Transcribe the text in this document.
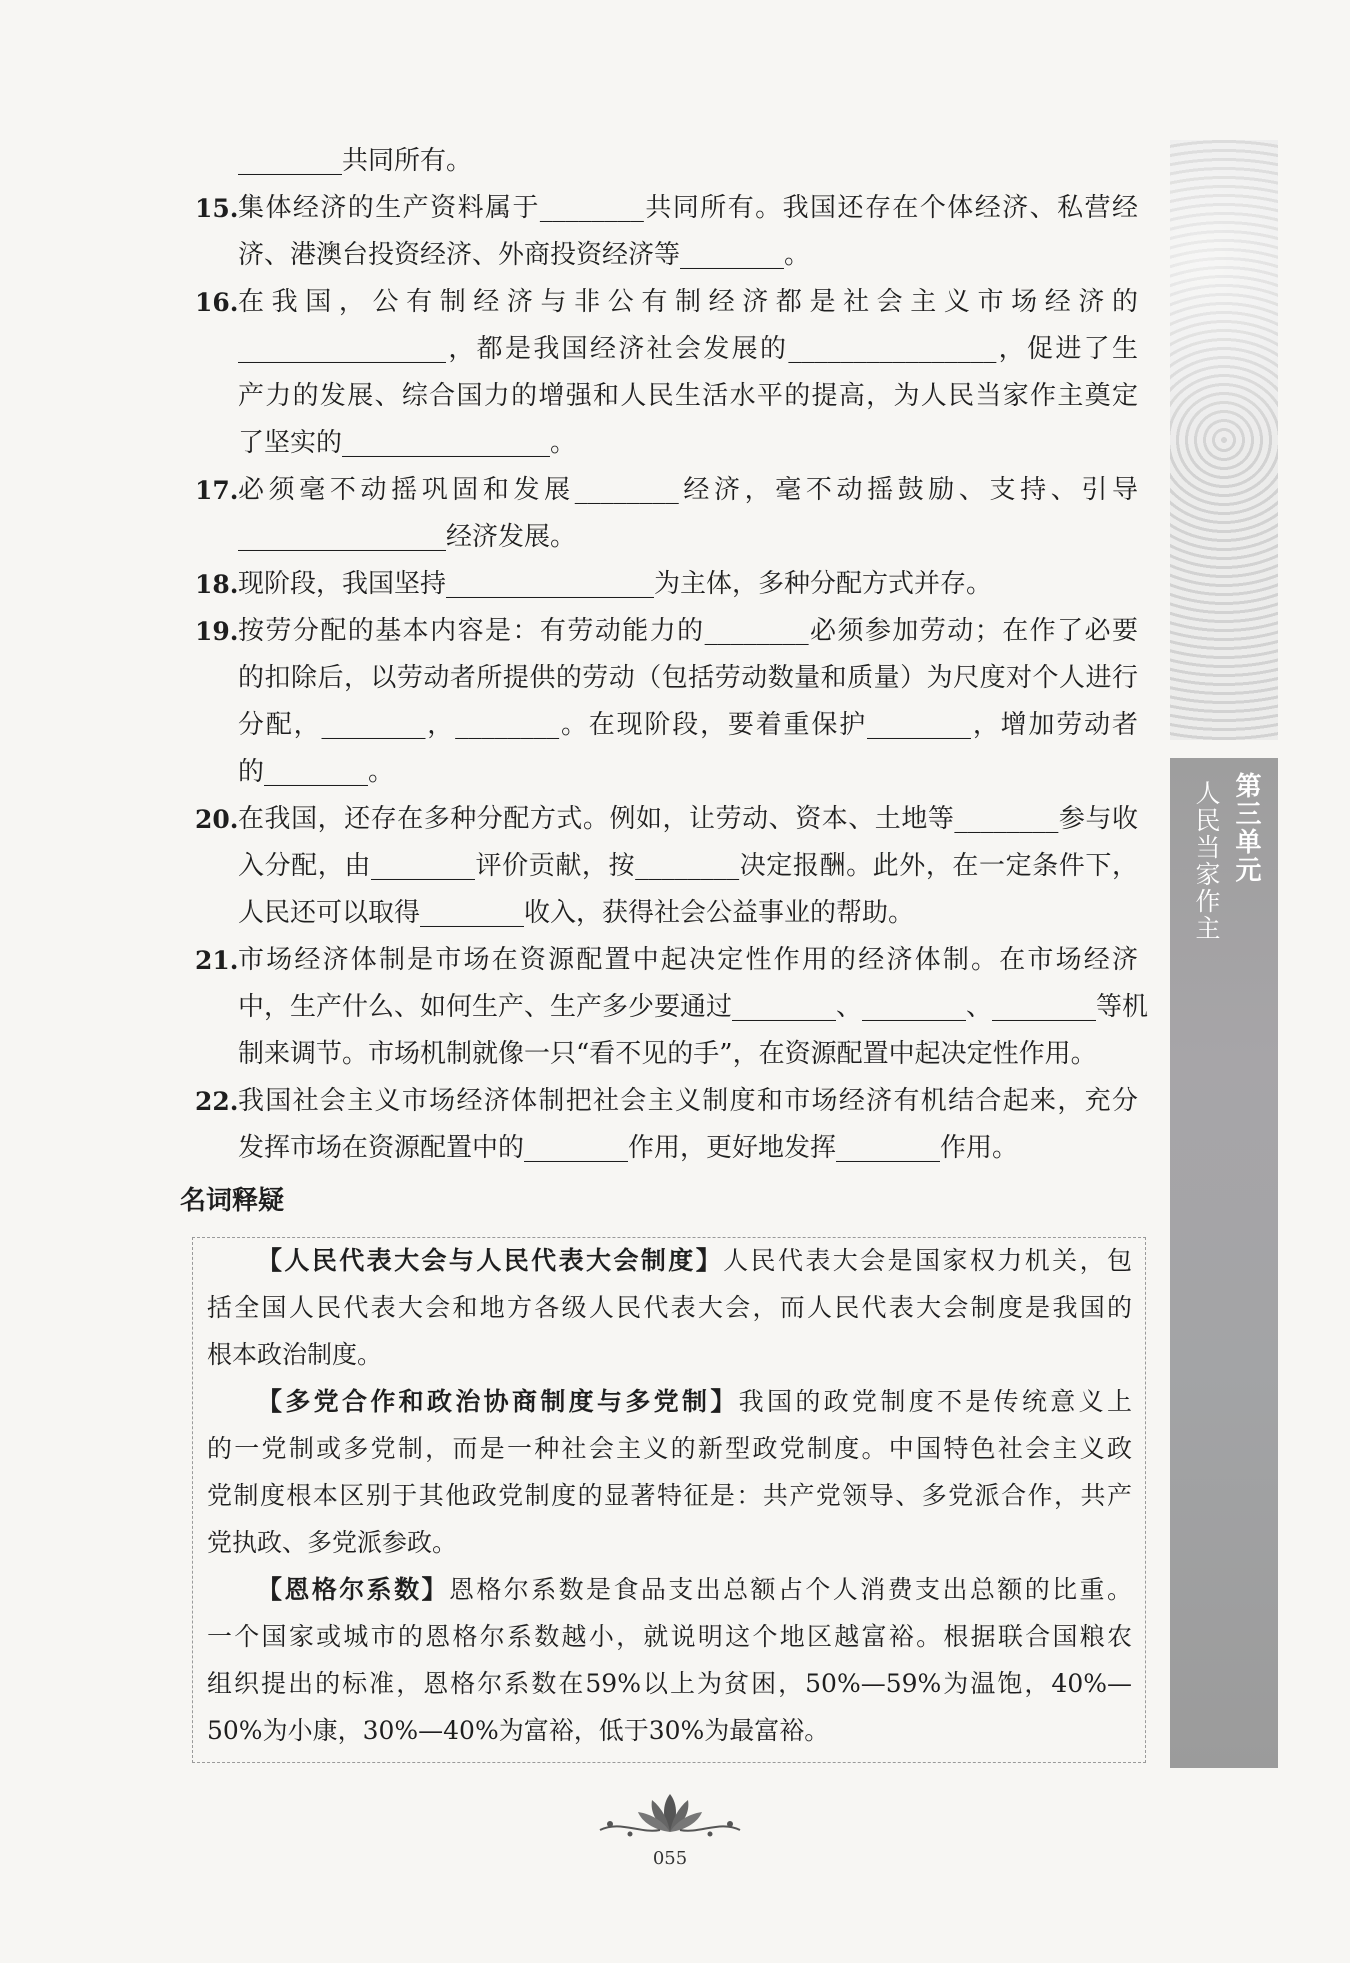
第三单元
人民当家作主
________共同所有。
15. 集体经济的生产资料属于________共同所有。我国还存在个体经济、私营经
济、港澳台投资经济、外商投资经济等________。
16. 在我国，公有制经济与非公有制经济都是社会主义市场经济的
________________，都是我国经济社会发展的________________，促进了生
产力的发展、综合国力的增强和人民生活水平的提高，为人民当家作主奠定
了坚实的________________。
17. 必须毫不动摇巩固和发展________经济，毫不动摇鼓励、支持、引导
________________经济发展。
18. 现阶段，我国坚持________________为主体，多种分配方式并存。
19. 按劳分配的基本内容是：有劳动能力的________必须参加劳动；在作了必要
的扣除后，以劳动者所提供的劳动（包括劳动数量和质量）为尺度对个人进行
分配，________，________。在现阶段，要着重保护________，增加劳动者
的________。
20. 在我国，还存在多种分配方式。例如，让劳动、资本、土地等________参与收
入分配，由________评价贡献，按________决定报酬。此外，在一定条件下，
人民还可以取得________收入，获得社会公益事业的帮助。
21. 市场经济体制是市场在资源配置中起决定性作用的经济体制。在市场经济
中，生产什么、如何生产、生产多少要通过________、________、________等机
制来调节。市场机制就像一只“看不见的手”，在资源配置中起决定性作用。
22. 我国社会主义市场经济体制把社会主义制度和市场经济有机结合起来，充分
发挥市场在资源配置中的________作用，更好地发挥________作用。
名词释疑
【人民代表大会与人民代表大会制度】人民代表大会是国家权力机关，包
括全国人民代表大会和地方各级人民代表大会，而人民代表大会制度是我国的
根本政治制度。
【多党合作和政治协商制度与多党制】我国的政党制度不是传统意义上
的一党制或多党制，而是一种社会主义的新型政党制度。中国特色社会主义政
党制度根本区别于其他政党制度的显著特征是：共产党领导、多党派合作，共产
党执政、多党派参政。
【恩格尔系数】恩格尔系数是食品支出总额占个人消费支出总额的比重。
一个国家或城市的恩格尔系数越小，就说明这个地区越富裕。根据联合国粮农
组织提出的标准，恩格尔系数在59%以上为贫困，50%—59%为温饱，40%—
50%为小康，30%—40%为富裕，低于30%为最富裕。
055
